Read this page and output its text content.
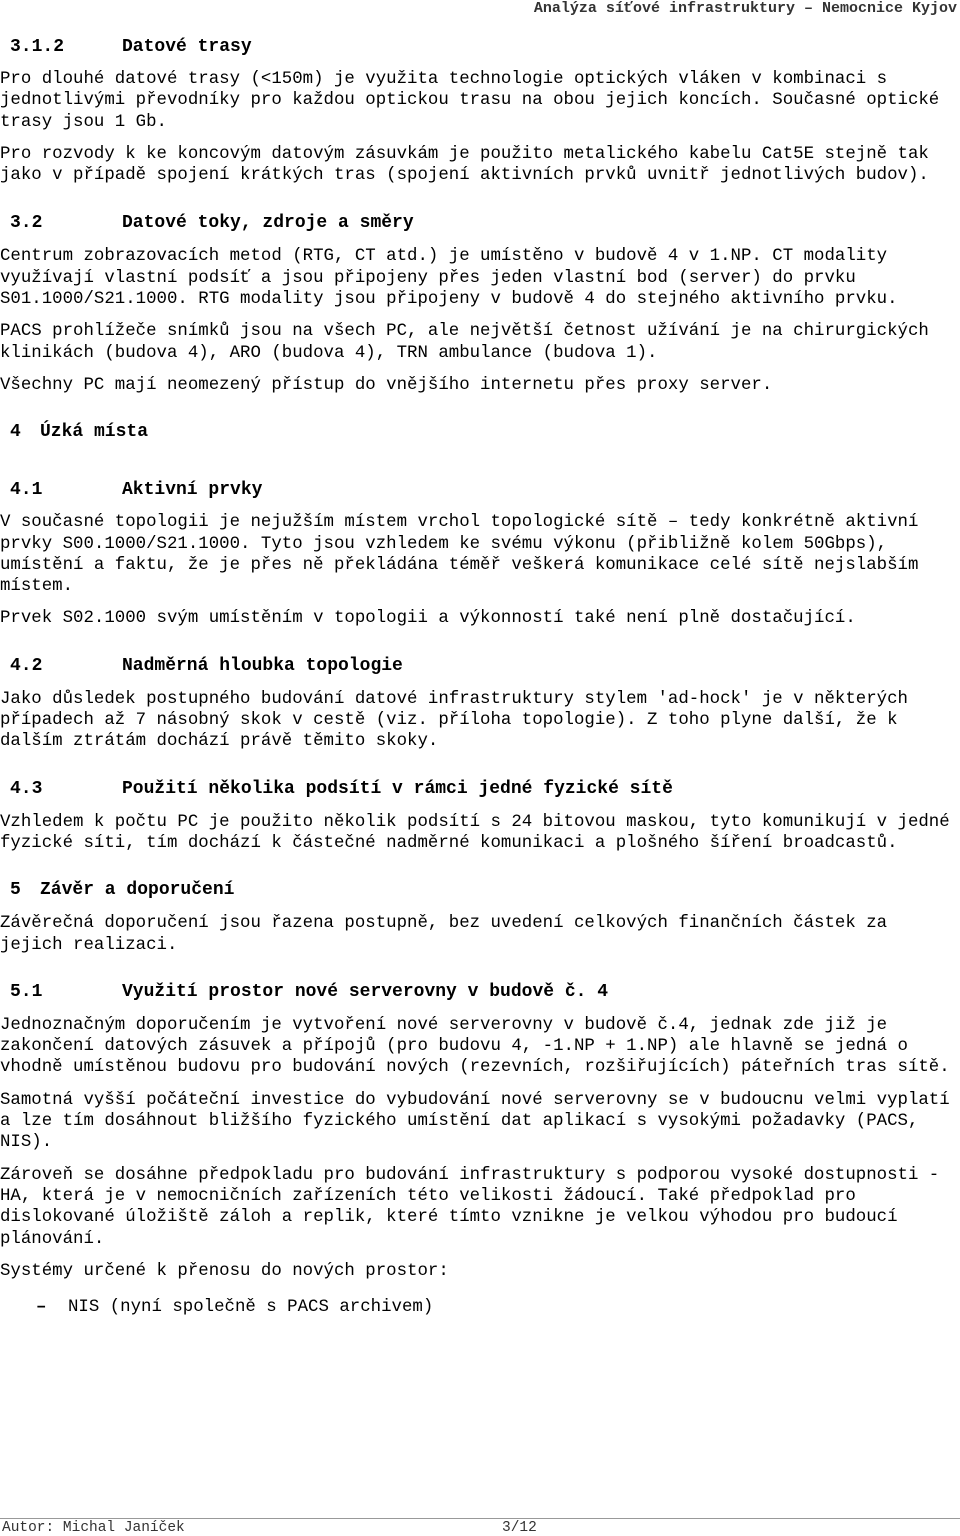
Analýza síťové infrastruktury – Nemocnice Kyjov
3.1.2	Datové trasy

Pro dlouhé datové trasy (<150m) je využita technologie optických vláken v kombinaci s jednotlivými převodníky pro každou optickou trasu na obou jejich koncích. Současné optické trasy jsou 1 Gb.

Pro rozvody k ke koncovým datovým zásuvkám je použito metalického kabelu Cat5E stejně tak jako v případě spojení krátkých tras (spojení aktivních prvků uvnitř jednotlivých budov).

3.2	Datové toky, zdroje a směry

Centrum zobrazovacích metod (RTG, CT atd.) je umístěno v budově 4 v 1.NP. CT modality využívají vlastní podsíť a jsou připojeny přes jeden vlastní bod (server) do prvku S01.1000/S21.1000. RTG modality jsou připojeny v budově 4 do stejného aktivního prvku.

PACS prohlížeče snímků jsou na všech PC, ale největší četnost užívání je na chirurgických klinikách (budova 4), ARO (budova 4), TRN ambulance (budova 1).

Všechny PC mají neomezený přístup do vnějšího internetu přes proxy server.

4 Úzká místa
4.1	Aktivní prvky

V současné topologii je nejužším místem vrchol topologické sítě – tedy konkrétně aktivní prvky S00.1000/S21.1000. Tyto jsou vzhledem ke svému výkonu (přibližně kolem 50Gbps), umístění a faktu, že je přes ně překládána téměř veškerá komunikace celé sítě nejslabším místem.

Prvek S02.1000 svým umístěním v topologii a výkonností také není plně dostačující.

4.2	Nadměrná hloubka topologie

Jako důsledek postupného budování datové infrastruktury stylem 'ad-hock' je v některých případech až 7 násobný skok v cestě (viz. příloha topologie). Z toho plyne další, že k dalším ztrátám dochází právě těmito skoky.

4.3	Použití několika podsítí v rámci jedné fyzické sítě

Vzhledem k počtu PC je použito několik podsítí s 24 bitovou maskou, tyto komunikují v jedné fyzické síti, tím dochází k částečné nadměrné komunikaci a plošného šíření broadcastů.

5 Závěr a doporučení

Závěrečná doporučení jsou řazena postupně, bez uvedení celkových finančních částek za jejich realizaci.

5.1	Využití prostor nové serverovny v budově č. 4

Jednoznačným doporučením je vytvoření nové serverovny v budově č.4, jednak zde již je zakončení datových zásuvek a přípojů (pro budovu 4, -1.NP + 1.NP) ale hlavně se jedná o vhodně umístěnou budovu pro budování nových (rezevních, rozšiřujících) páteřních tras sítě.

Samotná vyšší počáteční investice do vybudování nové serverovny se v budoucnu velmi vyplatí a lze tím dosáhnout bližšího fyzického umístění dat aplikací s vysokými požadavky (PACS, NIS).

Zároveň se dosáhne předpokladu pro budování infrastruktury s podporou vysoké dostupnosti - HA, která je v nemocničních zařízeních této velikosti žádoucí. Také předpoklad pro dislokované úložiště záloh a replik, které tímto vznikne je velkou výhodou pro budoucí plánování.

Systémy určené k přenosu do nových prostor:

–	NIS (nyní společně s PACS archivem)
Autor: Michal Janíček	3/12
